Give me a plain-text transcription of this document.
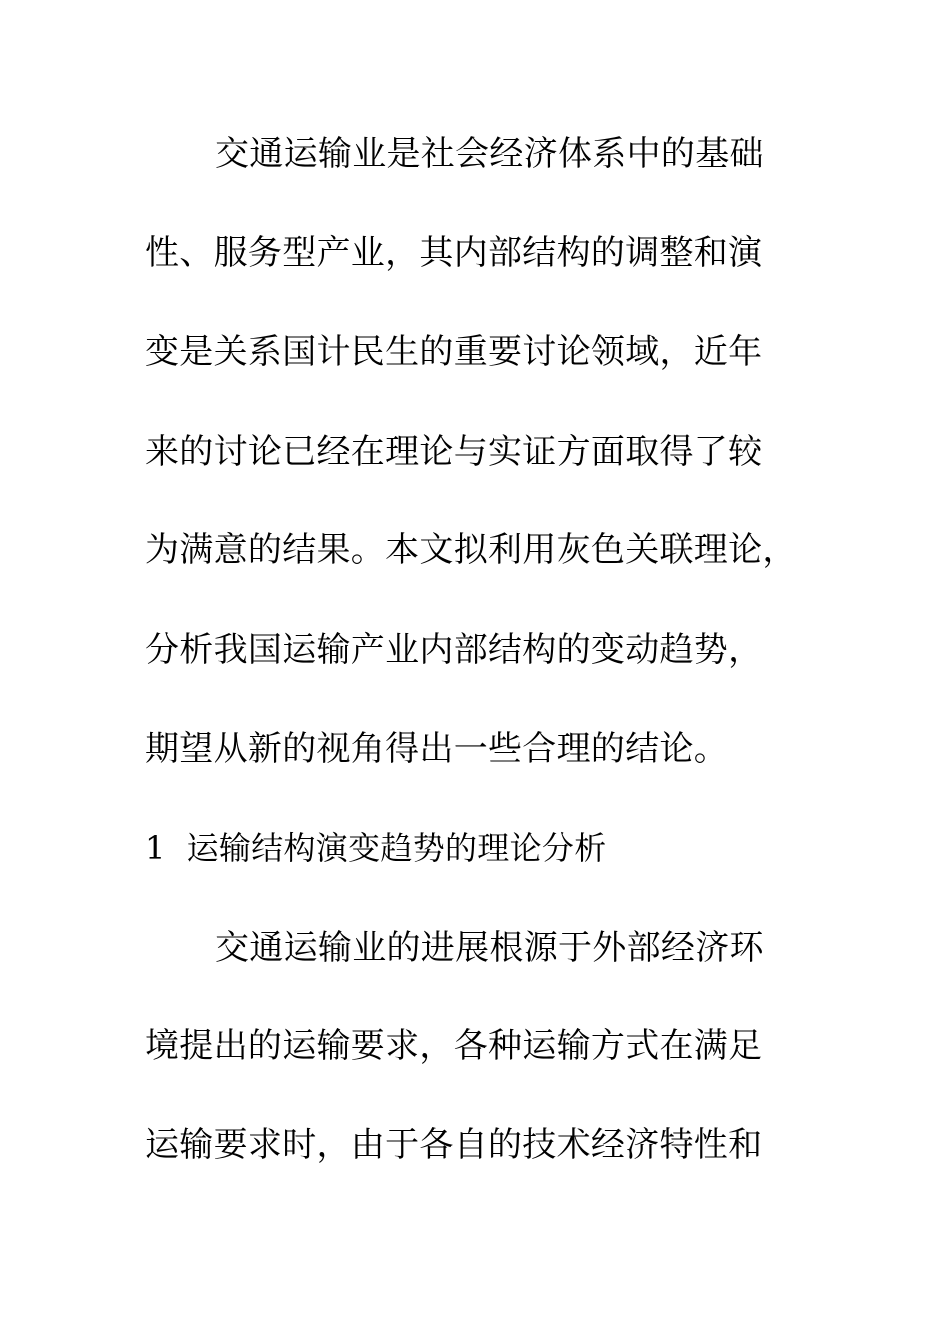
交通运输业是社会经济体系中的基础
性、服务型产业，其内部结构的调整和演
变是关系国计民生的重要讨论领域，近年
来的讨论已经在理论与实证方面取得了较
为满意的结果。本文拟利用灰色关联理论，
分析我国运输产业内部结构的变动趋势，
期望从新的视角得出一些合理的结论。
1  运输结构演变趋势的理论分析
交通运输业的进展根源于外部经济环
境提出的运输要求，各种运输方式在满足
运输要求时，由于各自的技术经济特性和
